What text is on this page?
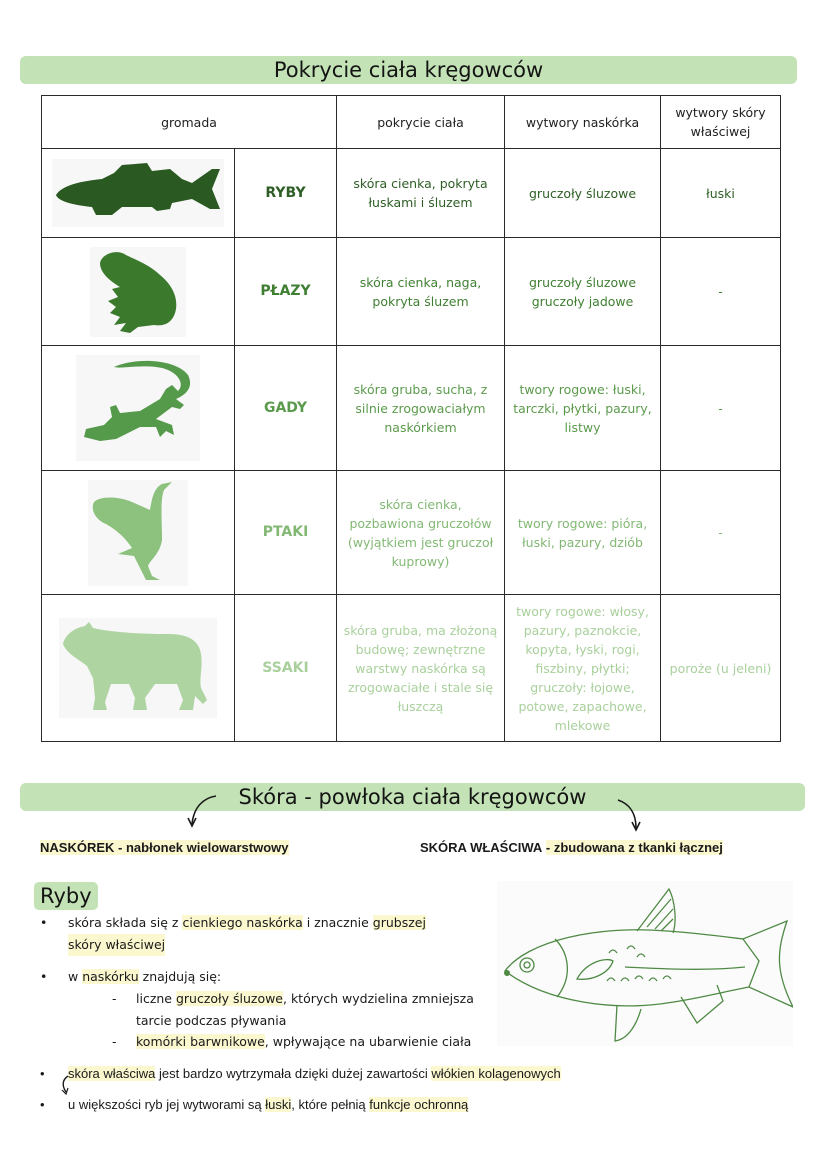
Pokrycie ciała kręgowców
gromada		pokrycie ciała	wytwory naskórka	wytwory skóry właściwej

	RYBY	skóra cienka, pokryta łuskami i śluzem	gruczoły śluzowe	łuski

	PŁAZY	skóra cienka, naga, pokryta śluzem	gruczoły śluzowe gruczoły jadowe	-

	GADY	skóra gruba, sucha, z silnie zrogowaciałym naskórkiem	twory rogowe: łuski, tarczki, płytki, pazury, listwy	-

	PTAKI	skóra cienka, pozbawiona gruczołów (wyjątkiem jest gruczoł kuprowy)	twory rogowe: pióra, łuski, pazury, dziób	-

	SSAKI	skóra gruba, ma złożoną budowę; zewnętrzne warstwy naskórka są zrogowaciałe i stale się łuszczą	twory rogowe: włosy, pazury, paznokcie, kopyta, łyski, rogi, fiszbiny, płytki; gruczoły: łojowe, potowe, zapachowe, mlekowe	poroże (u jeleni)
Skóra - powłoka ciała kręgowców
NASKÓREK - nabłonek wielowarstwowy	SKÓRA WŁAŚCIWA - zbudowana z tkanki łącznej
Ryby
• skóra składa się z cienkiego naskórka i znacznie grubszej
skóry właściwej
• w naskórku znajdują się:
- liczne gruczoły śluzowe, których wydzielina zmniejsza
tarcie podczas pływania
- komórki barwnikowe, wpływające na ubarwienie ciała
• skóra właściwa jest bardzo wytrzymała dzięki dużej zawartości włókien kolagenowych
• u większości ryb jej wytworami są łuski, które pełnią funkcje ochronną
